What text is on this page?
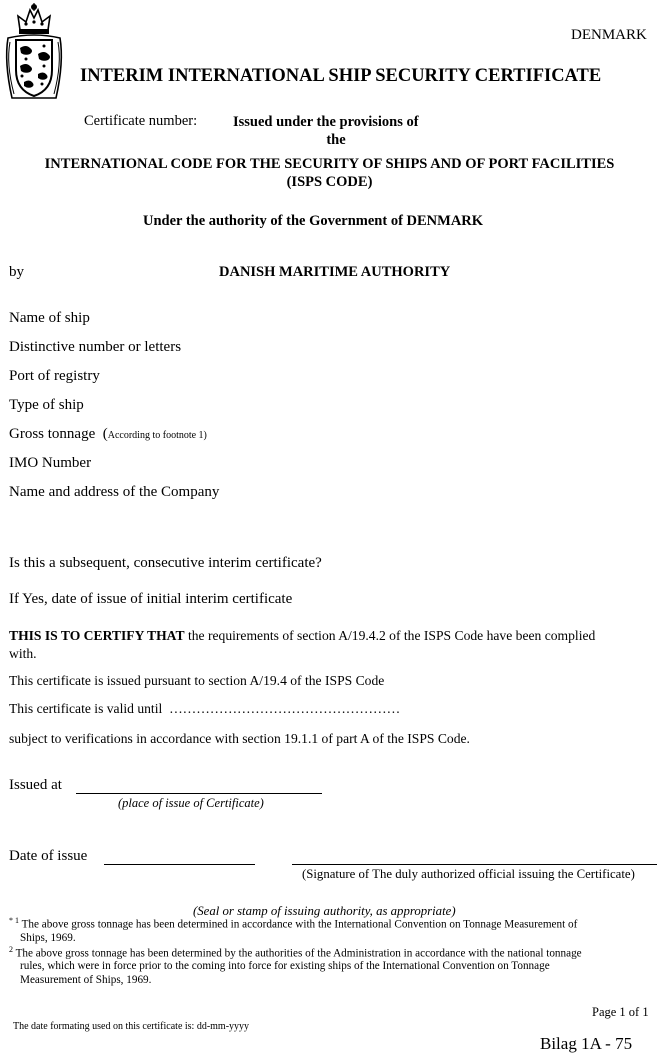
DENMARK
INTERIM INTERNATIONAL SHIP SECURITY CERTIFICATE
Certificate number: Issued under the provisions of
the
INTERNATIONAL CODE FOR THE SECURITY OF SHIPS AND OF PORT FACILITIES
(ISPS CODE)
Under the authority of the Government of DENMARK
by	DANISH MARITIME AUTHORITY
Name of ship
Distinctive number or letters
Port of registry
Type of ship
Gross tonnage (According to footnote 1)
IMO Number
Name and address of the Company
Is this a subsequent, consecutive interim certificate?
If Yes, date of issue of initial interim certificate
THIS IS TO CERTIFY THAT the requirements of section A/19.4.2 of the ISPS Code have been complied
with.
This certificate is issued pursuant to section A/19.4 of the ISPS Code
This certificate is valid until ……………………………………………
subject to verifications in accordance with section 19.1.1 of part A of the ISPS Code.
Issued at
(place of issue of Certificate)
Date of issue
(Signature of The duly authorized official issuing the Certificate)
(Seal or stamp of issuing authority, as appropriate)
$^{* 1}$ The above gross tonnage has been determined in accordance with the International Convention on Tonnage Measurement of
Ships, 1969.
$^2$ The above gross tonnage has been determined by the authorities of the Administration in accordance with the national tonnage
rules, which were in force prior to the coming into force for existing ships of the International Convention on Tonnage
Measurement of Ships, 1969.
Page 1 of 1
The date formating used on this certificate is: dd-mm-yyyy
Bilag 1A - 75
